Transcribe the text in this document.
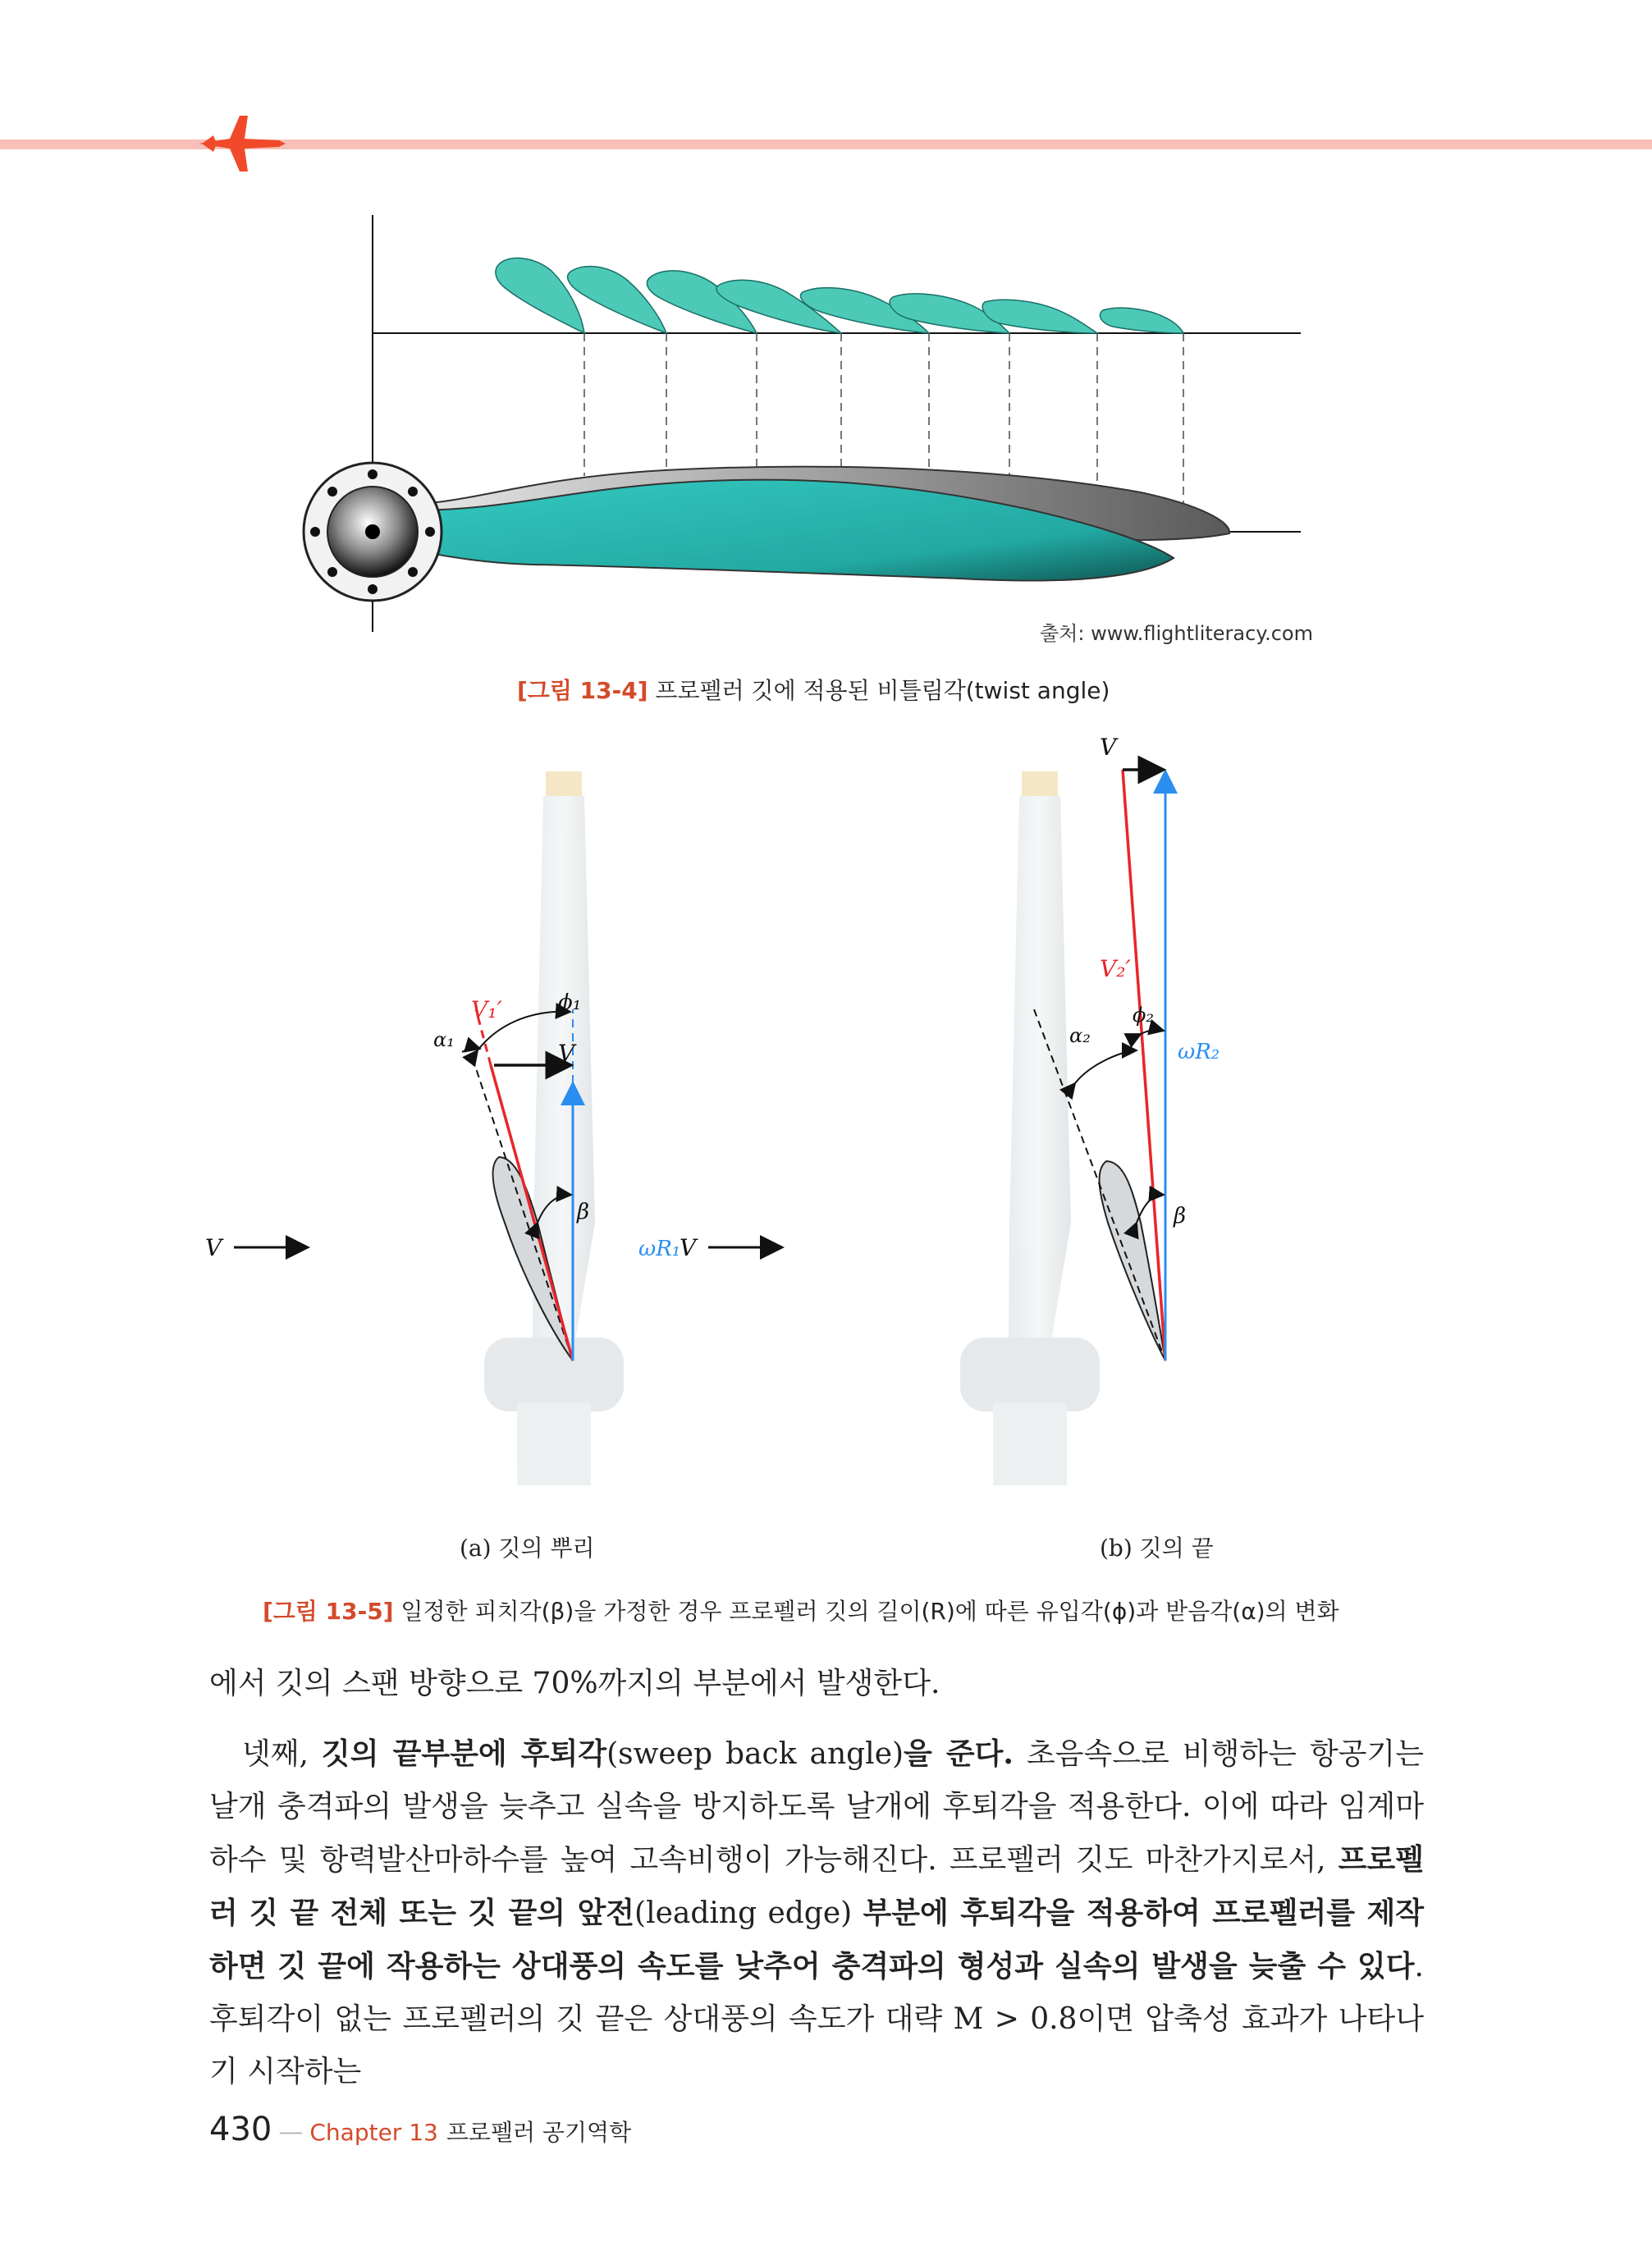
출처: www.flightliteracy.com
[그림 13-4] 프로펠러 깃에 적용된 비틀림각(twist angle)
V₁′	ϕ₁
α₁	V
β
ωR₁
V
V
V₂′
ϕ₂
α₂
ωR₂
β
V
(a) 깃의 뿌리	(b) 깃의 끝
[그림 13-5] 일정한 피치각(β)을 가정한 경우 프로펠러 깃의 길이(R)에 따른 유입각(ϕ)과 받음각(α)의 변화
에서 깃의 스팬 방향으로 70%까지의 부분에서 발생한다.
넷째, 깃의 끝부분에 후퇴각(sweep back angle)을 준다. 초음속으로 비행하는 항공기는 날개 충격파의 발생을 늦추고 실속을 방지하도록 날개에 후퇴각을 적용한다. 이에 따라 임계마하수 및 항력발산마하수를 높여 고속비행이 가능해진다. 프로펠러 깃도 마찬가지로서, 프로펠러 깃 끝 전체 또는 깃 끝의 앞전(leading edge) 부분에 후퇴각을 적용하여 프로펠러를 제작하면 깃 끝에 작용하는 상대풍의 속도를 낮추어 충격파의 형성과 실속의 발생을 늦출 수 있다. 후퇴각이 없는 프로펠러의 깃 끝은 상대풍의 속도가 대략 M > 0.8이면 압축성 효과가 나타나기 시작하는
430 — Chapter 13 프로펠러 공기역학
